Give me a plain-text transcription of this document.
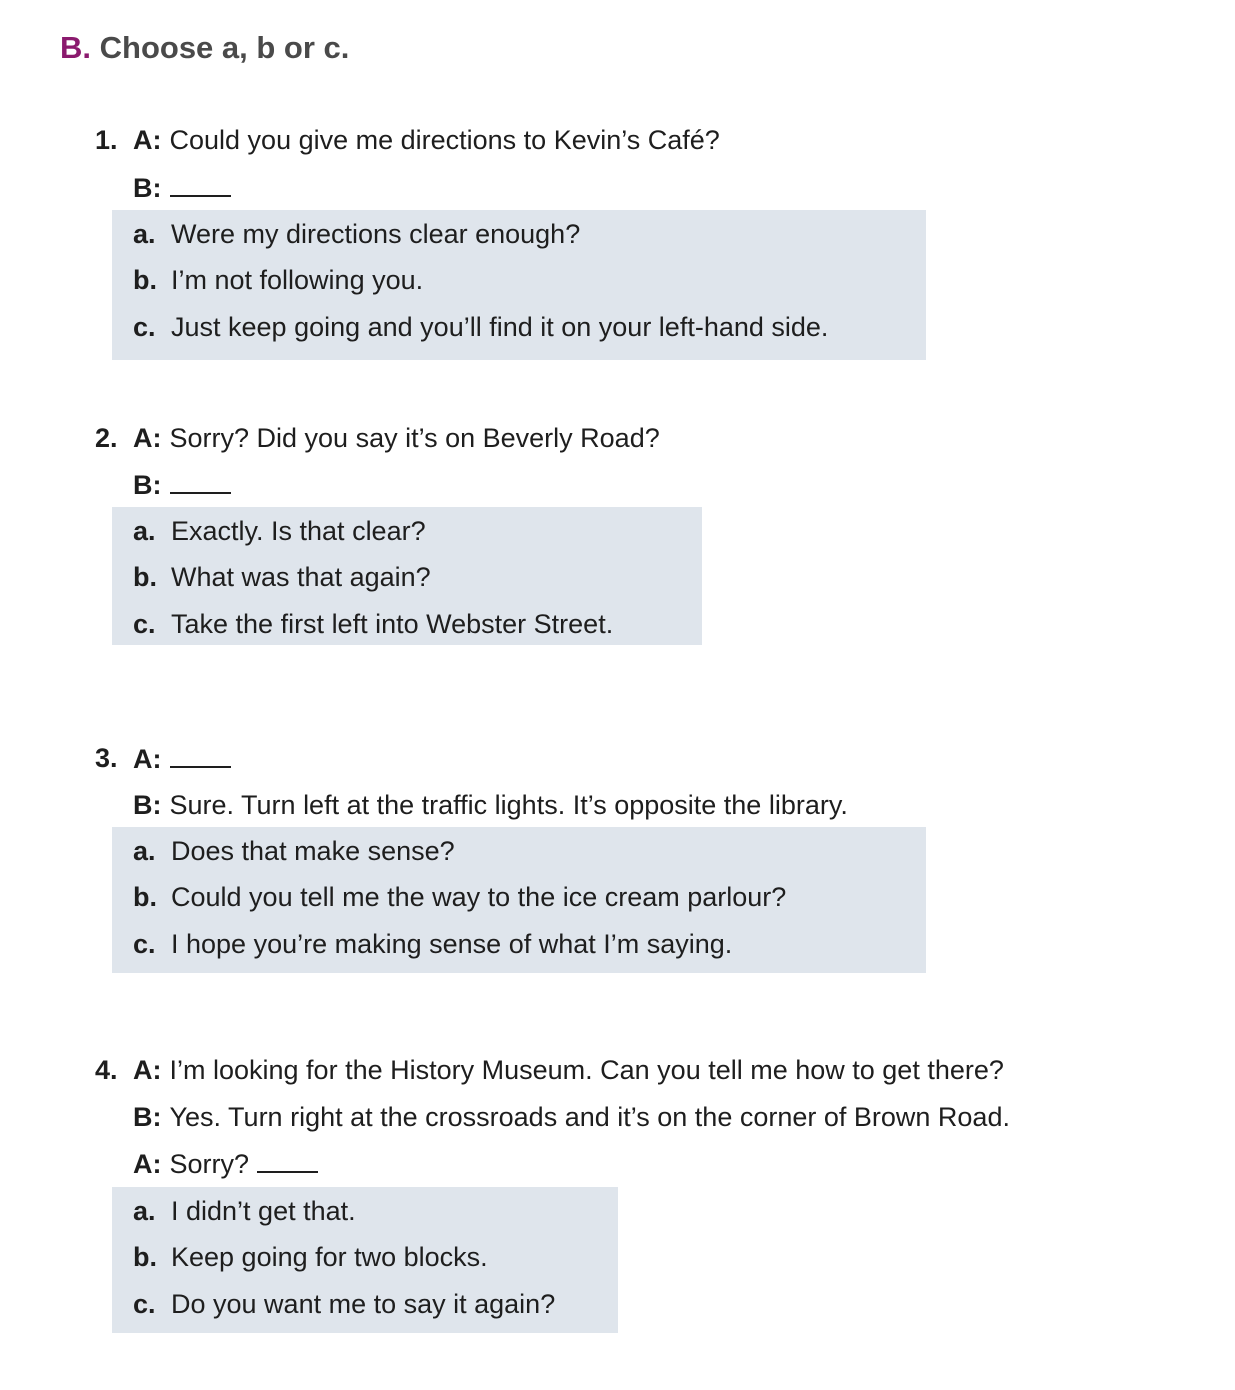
B. Choose a, b or c.
1. A: Could you give me directions to Kevin’s Café?
B:
a. Were my directions clear enough?
b. I’m not following you.
c. Just keep going and you’ll find it on your left-hand side.
2. A: Sorry? Did you say it’s on Beverly Road?
B:
a. Exactly. Is that clear?
b. What was that again?
c. Take the first left into Webster Street.
3. A:
B: Sure. Turn left at the traffic lights. It’s opposite the library.
a. Does that make sense?
b. Could you tell me the way to the ice cream parlour?
c. I hope you’re making sense of what I’m saying.
4. A: I’m looking for the History Museum. Can you tell me how to get there?
B: Yes. Turn right at the crossroads and it’s on the corner of Brown Road.
A: Sorry?
a. I didn’t get that.
b. Keep going for two blocks.
c. Do you want me to say it again?
